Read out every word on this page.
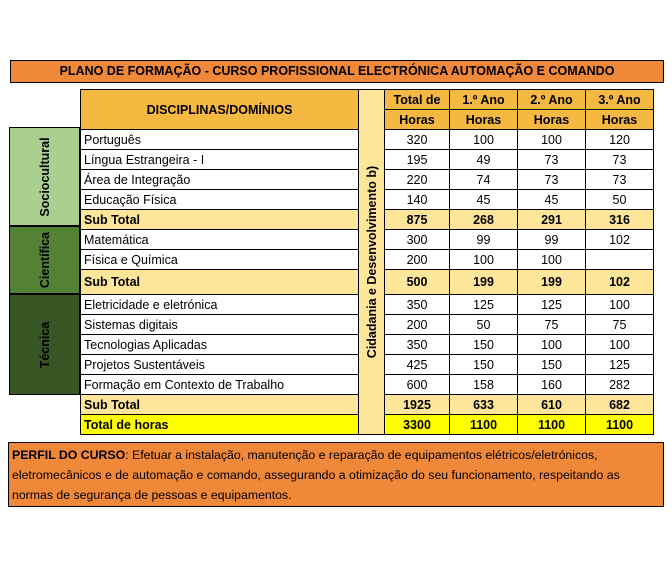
PLANO DE FORMAÇÃO - CURSO PROFISSIONAL ELECTRÓNICA AUTOMAÇÃO E COMANDO
Sociocultural
Científica
Técnica
DISCIPLINAS/DOMÍNIOS	Cidadania e Desenvolvimento b)	Total de	1.º Ano	2.º Ano	3.º Ano
		Horas	Horas	Horas	Horas
Português		320	100	100	120
Língua Estrangeira - I		195	49	73	73
Área de Integração		220	74	73	73
Educação Física		140	45	45	50
Sub Total		875	268	291	316
Matemática		300	99	99	102
Física e Química		200	100	100	
Sub Total		500	199	199	102
Eletricidade e eletrónica		350	125	125	100
Sistemas digitais		200	50	75	75
Tecnologias Aplicadas		350	150	100	100
Projetos Sustentáveis		425	150	150	125
Formação em Contexto de Trabalho		600	158	160	282
Sub Total		1925	633	610	682
Total de horas		3300	1100	1100	1100
PERFIL DO CURSO: Efetuar a instalação, manutenção e reparação de equipamentos elétricos/eletrónicos, eletromecânicos e de automação e comando, assegurando a otimização do seu funcionamento, respeitando as normas de segurança de pessoas e equipamentos.
